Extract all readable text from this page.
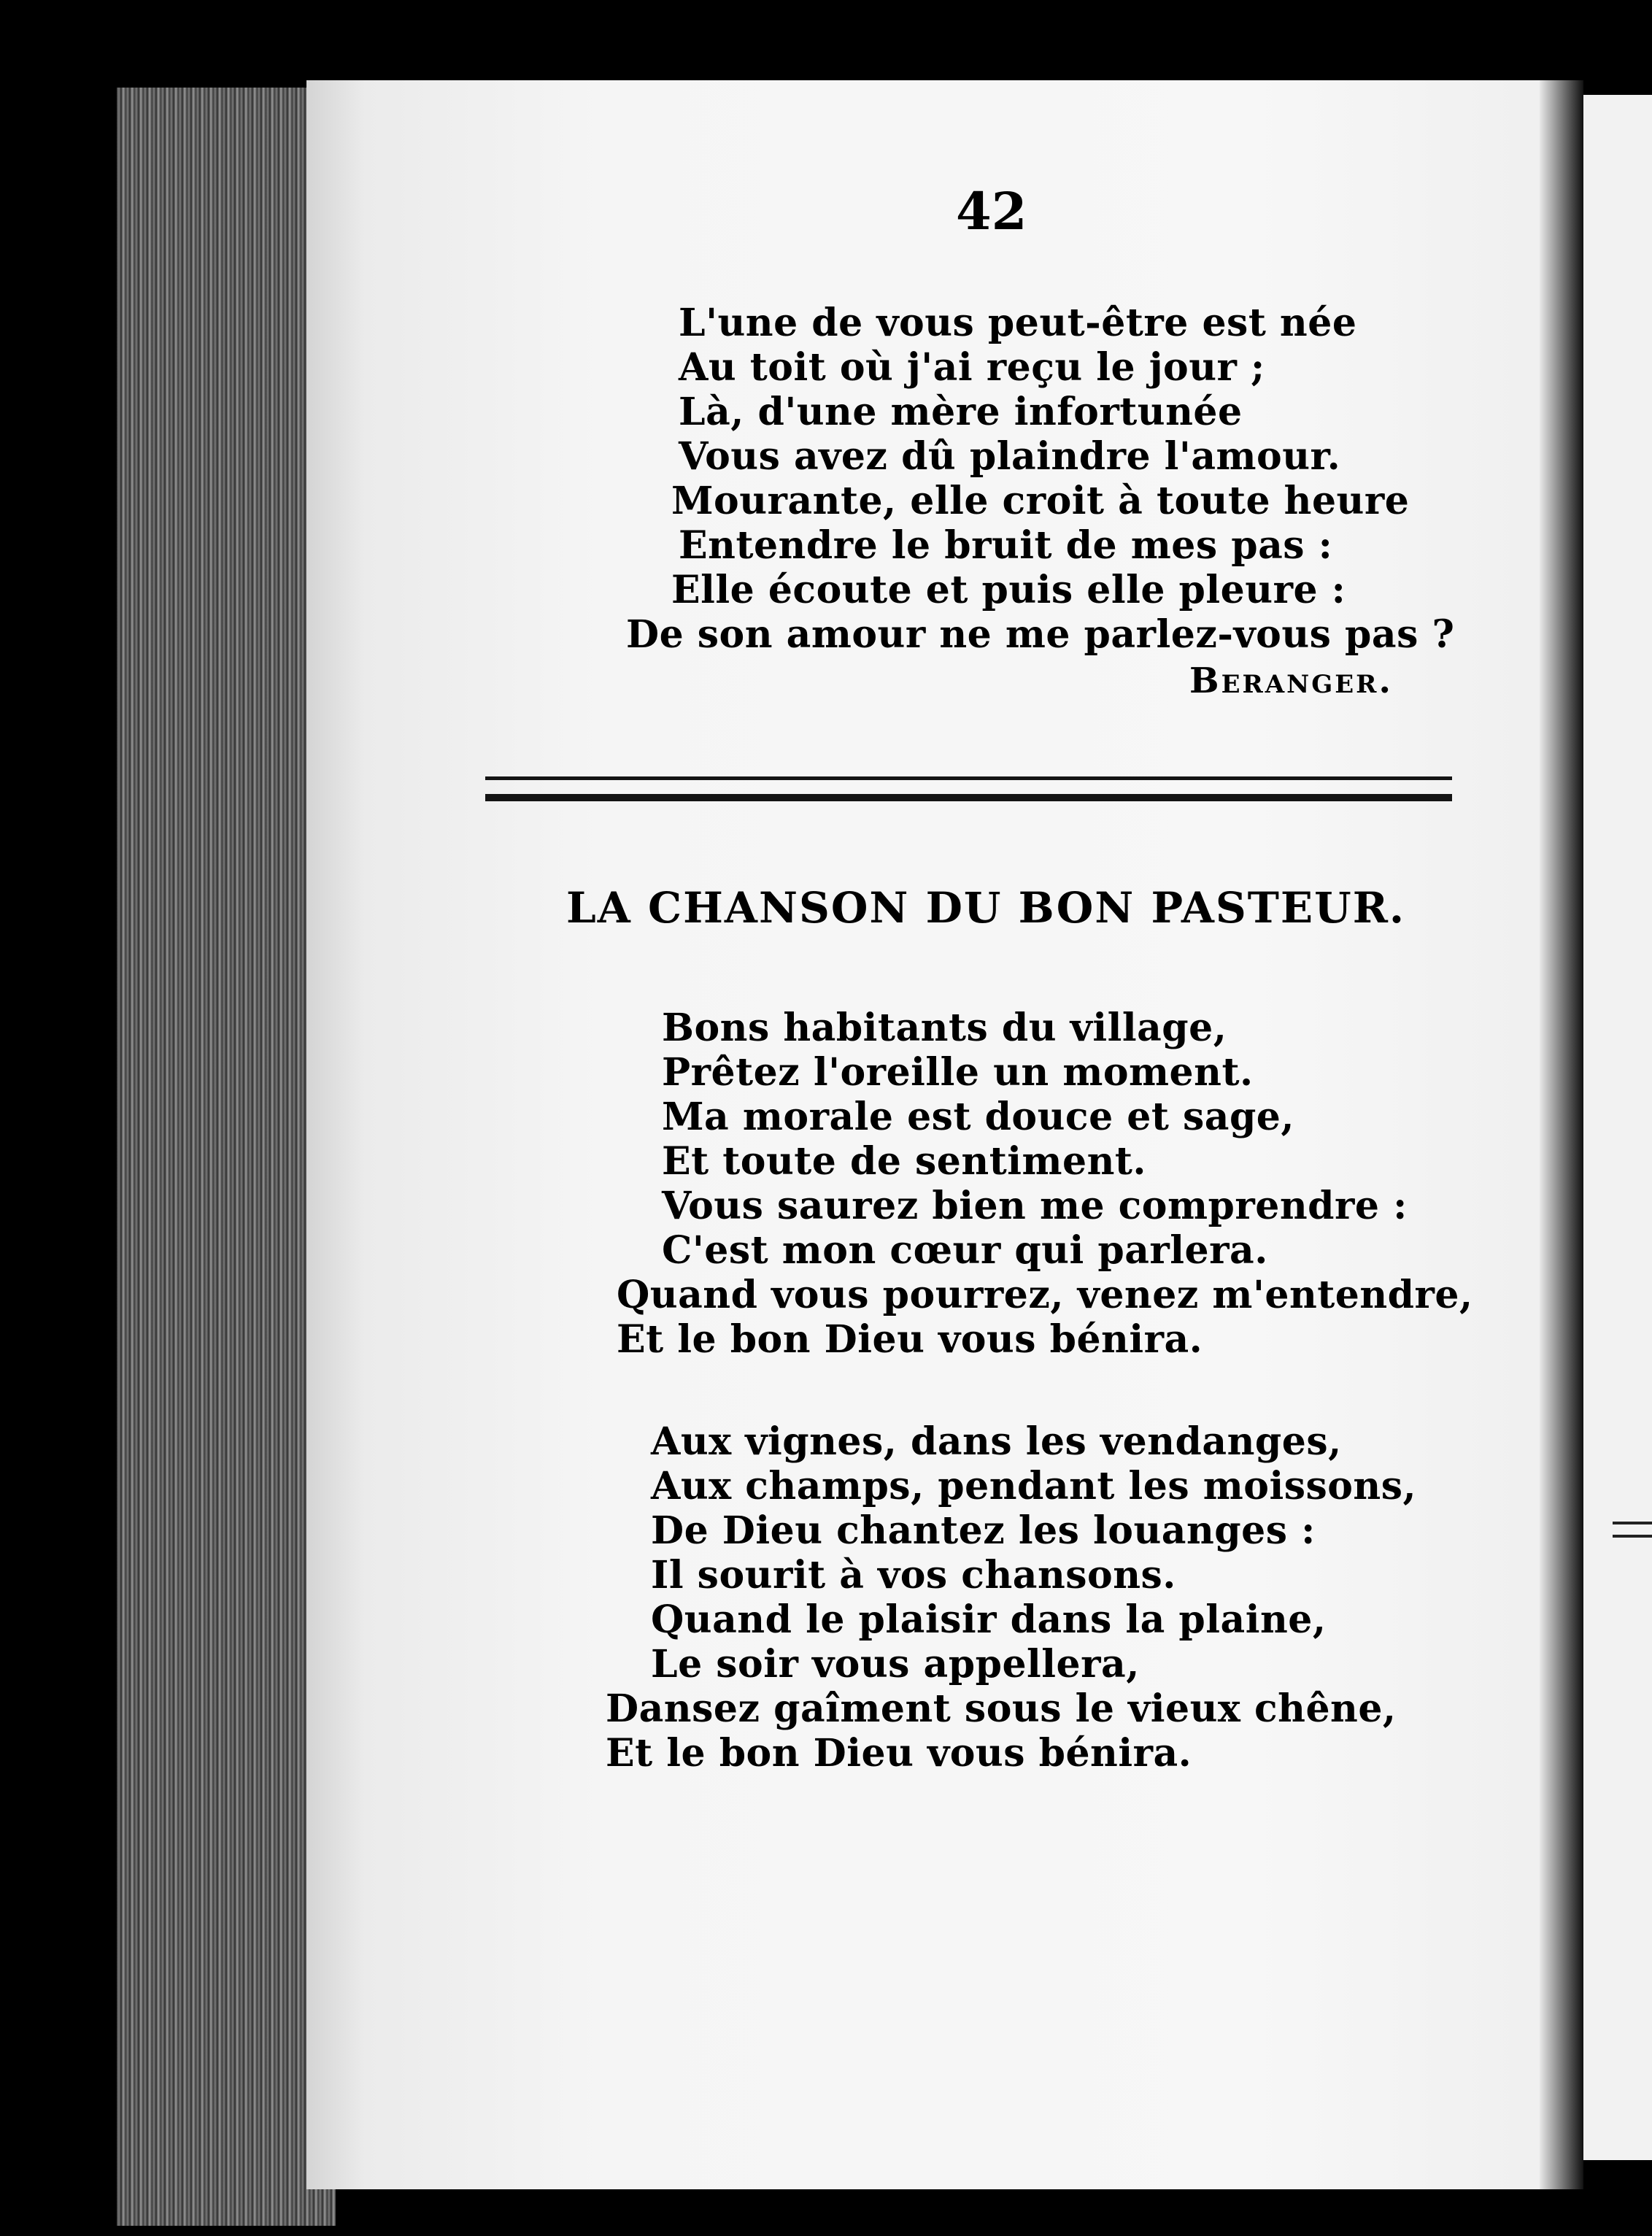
42

L'une de vous peut-être est née
Au toit où j'ai reçu le jour ;
Là, d'une mère infortunée
Vous avez dû plaindre l'amour.
Mourante, elle croit à toute heure
Entendre le bruit de mes pas :
Elle écoute et puis elle pleure :
De son amour ne me parlez-vous pas ?

Beranger.

LA CHANSON DU BON PASTEUR.
Bons habitants du village,
Prêtez l'oreille un moment.
Ma morale est douce et sage,
Et toute de sentiment.
Vous saurez bien me comprendre :
C'est mon cœur qui parlera.
Quand vous pourrez, venez m'entendre,
Et le bon Dieu vous bénira.
Aux vignes, dans les vendanges,
Aux champs, pendant les moissons,
De Dieu chantez les louanges :
Il sourit à vos chansons.
Quand le plaisir dans la plaine,
Le soir vous appellera,
Dansez gaîment sous le vieux chêne,
Et le bon Dieu vous bénira.
